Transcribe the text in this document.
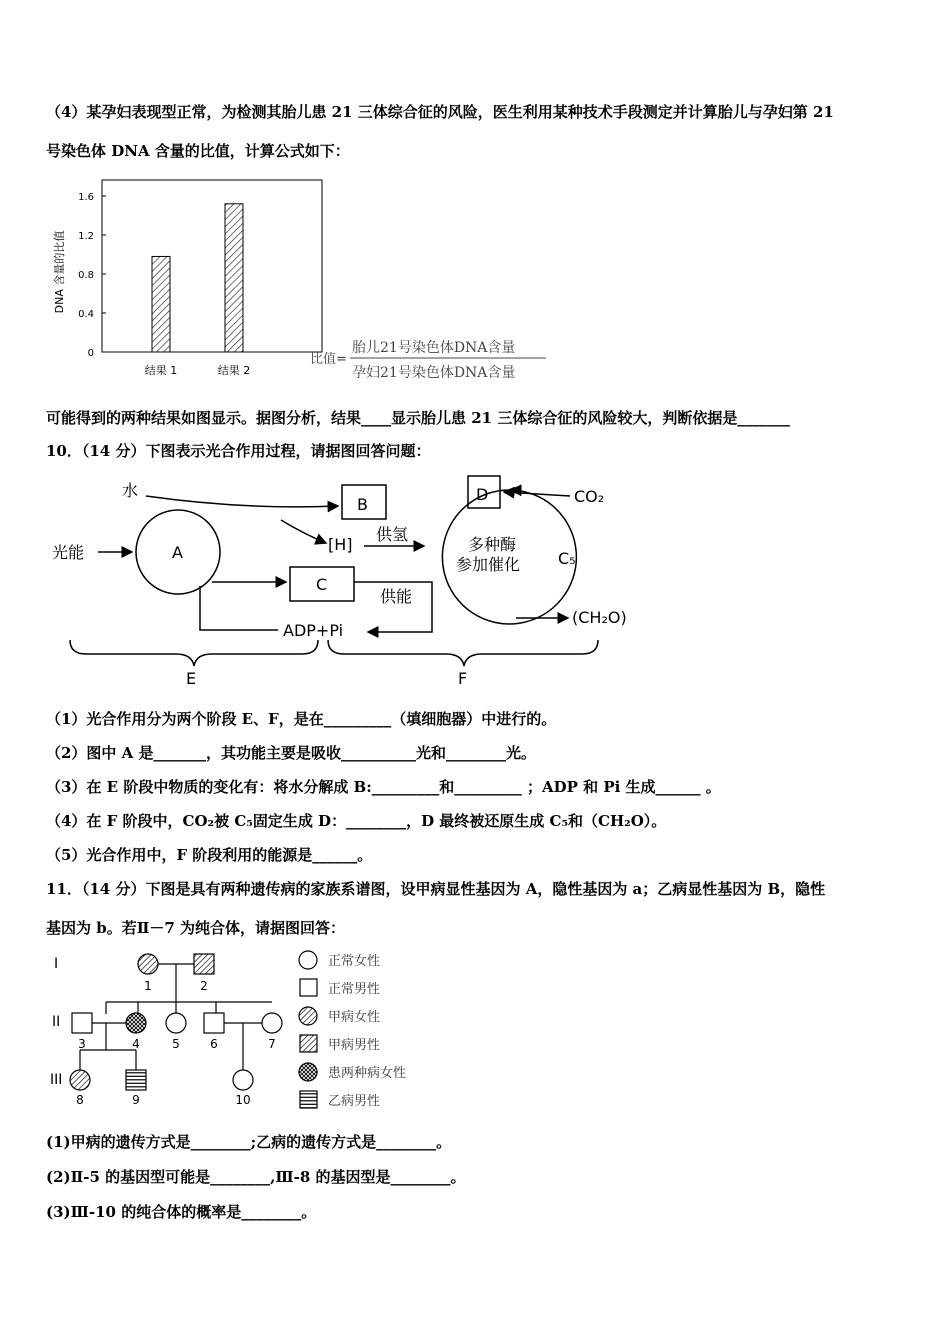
（4）某孕妇表现型正常，为检测其胎儿患 21 三体综合征的风险，医生利用某种技术手段测定并计算胎儿与孕妇第 21
号染色体 DNA 含量的比值，计算公式如下：
0
0.4
0.8
1.2
1.6
结果 1	结果 2
DNA 含量的比值
比值=
胎儿21号染色体DNA含量
孕妇21号染色体DNA含量
可能得到的两种结果如图显示。据图分析，结果____显示胎儿患 21 三体综合征的风险较大，判断依据是_______
10．（14 分）下图表示光合作用过程，请据图回答问题：
水
光能	A
B
[H]
供氢
C
供能
ADP+Pi
D	CO₂
多种酶
参加催化 C₅
(CH₂O)
E	F
（1）光合作用分为两个阶段 E、F，是在_________（填细胞器）中进行的。
（2）图中 A 是_______，其功能主要是吸收__________光和________光。
（3）在 E 阶段中物质的变化有：将水分解成 B:_________和_________ ；ADP 和 Pi 生成______ 。
（4）在 F 阶段中，CO₂被 C₅固定生成 D：________，D 最终被还原生成 C₅和（CH₂O）。
（5）光合作用中，F 阶段利用的能源是______。
11．（14 分）下图是具有两种遗传病的家族系谱图，设甲病显性基因为 A，隐性基因为 a；乙病显性基因为 B，隐性
基因为 b。若Ⅱ－7 为纯合体，请据图回答：
I
II
III
1	2
3	4	5	6	7
8	9	10
正常女性
正常男性
甲病女性
甲病男性
患两种病女性
乙病男性
(1)甲病的遗传方式是________;乙病的遗传方式是________。
(2)Ⅱ-5 的基因型可能是________,Ⅲ-8 的基因型是________。
(3)Ⅲ-10 的纯合体的概率是________。
